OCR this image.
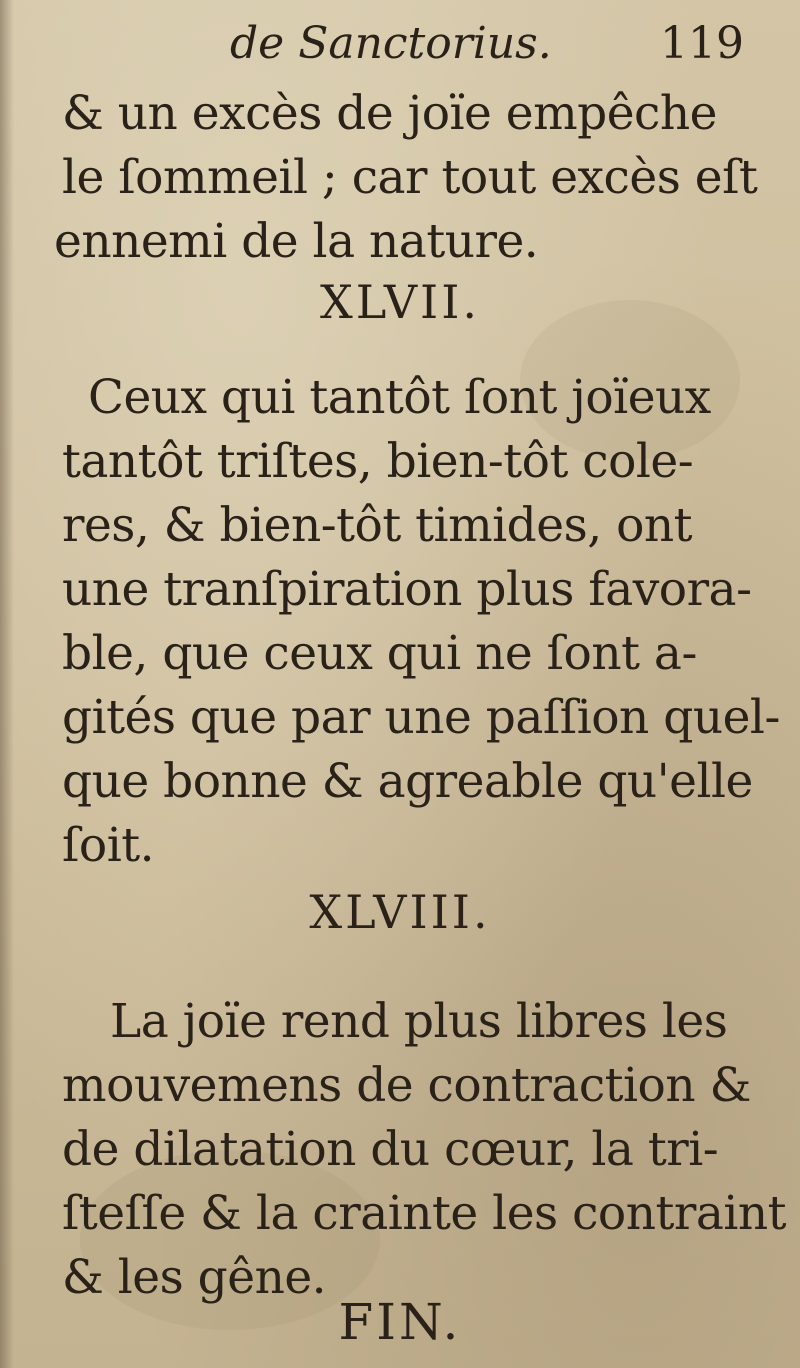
de Sanctorius. 119
& un excès de joïe empêche
le ſommeil ; car tout excès eſt
ennemi de la nature.
XLVII.
Ceux qui tantôt ſont joïeux
tantôt triſtes, bien-tôt cole-
res, & bien-tôt timides, ont
une tranſpiration plus favora-
ble, que ceux qui ne ſont a-
gités que par une paſſion quel-
que bonne & agreable qu'elle
ſoit.
XLVIII.
La joïe rend plus libres les
mouvemens de contraction &
de dilatation du cœur, la tri-
ſteſſe & la crainte les contraint
& les gêne.
FIN.
